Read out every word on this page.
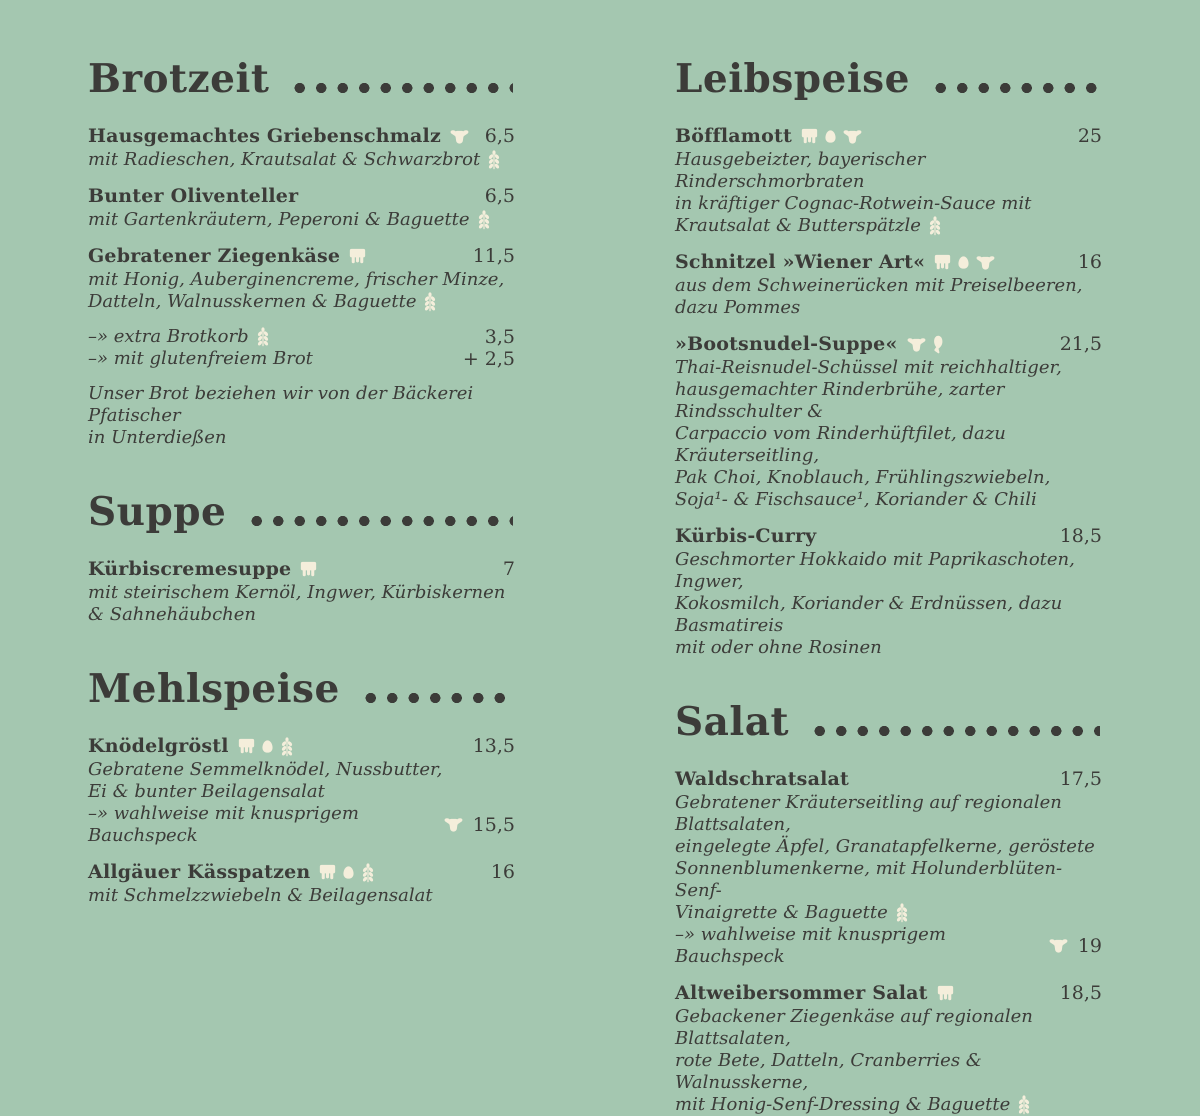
Brotzeit
Hausgemachtes Griebenschmalz	6,5
mit Radieschen, Krautsalat & Schwarzbrot
Bunter Oliventeller	6,5
mit Gartenkräutern, Peperoni & Baguette
Gebratener Ziegenkäse	11,5
mit Honig, Auberginencreme, frischer Minze,
Datteln, Walnusskernen & Baguette
–» extra Brotkorb	3,5
–» mit glutenfreiem Brot	+ 2,5
Unser Brot beziehen wir von der Bäckerei Pfatischer
in Unterdießen
Suppe
Kürbiscremesuppe	7
mit steirischem Kernöl, Ingwer, Kürbiskernen
& Sahnehäubchen
Mehlspeise
Knödelgröstl	13,5
Gebratene Semmelknödel, Nussbutter,
Ei & bunter Beilagensalat
–» wahlweise mit knusprigem Bauchspeck	15,5
Allgäuer Kässpatzen	16
mit Schmelzzwiebeln & Beilagensalat
Leibspeise
Böfflamott	25
Hausgebeizter, bayerischer Rinderschmorbraten
in kräftiger Cognac-Rotwein-Sauce mit
Krautsalat & Butterspätzle
Schnitzel »Wiener Art«	16
aus dem Schweinerücken mit Preiselbeeren,
dazu Pommes
»Bootsnudel-Suppe«	21,5
Thai-Reisnudel-Schüssel mit reichhaltiger,
hausgemachter Rinderbrühe, zarter Rindsschulter &
Carpaccio vom Rinderhüftfilet, dazu Kräuterseitling,
Pak Choi, Knoblauch, Frühlingszwiebeln,
Soja¹- & Fischsauce¹, Koriander & Chili
Kürbis-Curry	18,5
Geschmorter Hokkaido mit Paprikaschoten, Ingwer,
Kokosmilch, Koriander & Erdnüssen, dazu Basmatireis
mit oder ohne Rosinen
Salat
Waldschratsalat	17,5
Gebratener Kräuterseitling auf regionalen Blattsalaten,
eingelegte Äpfel, Granatapfelkerne, geröstete
Sonnenblumenkerne, mit Holunderblüten-Senf-
Vinaigrette & Baguette
–» wahlweise mit knusprigem Bauchspeck	19
Altweibersommer Salat	18,5
Gebackener Ziegenkäse auf regionalen Blattsalaten,
rote Bete, Datteln, Cranberries & Walnusskerne,
mit Honig-Senf-Dressing & Baguette
